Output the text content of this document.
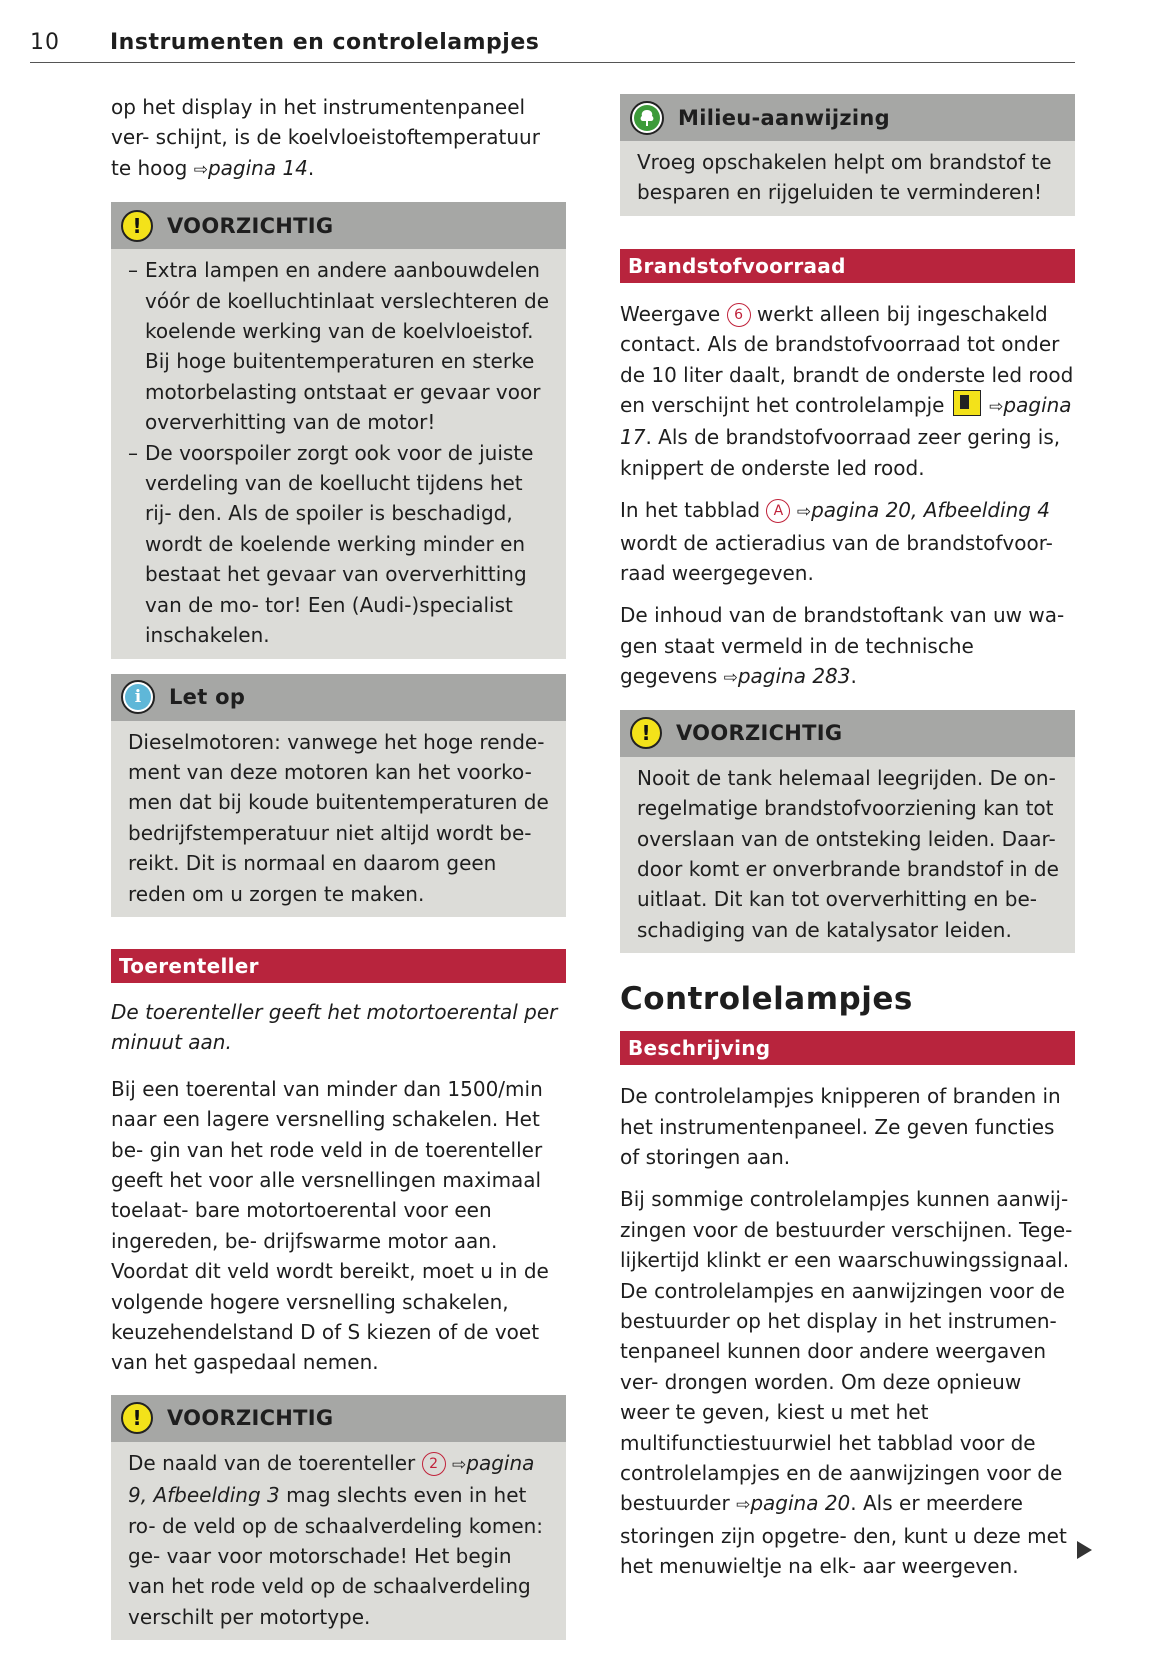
10 Instrumenten en controlelampjes

op het display in het instrumentenpaneel ver- schijnt, is de koelvloeistoftemperatuur te hoog ⇨pagina 14.

!	VOORZICHTIG

– Extra lampen en andere aanbouwdelen vóór de koelluchtinlaat verslechteren de koelende werking van de koelvloeistof. Bij hoge buitentemperaturen en sterke motorbelasting ontstaat er gevaar voor oververhitting van de motor!

– De voorspoiler zorgt ook voor de juiste verdeling van de koellucht tijdens het rij- den. Als de spoiler is beschadigd, wordt de koelende werking minder en bestaat het gevaar van oververhitting van de mo- tor! Een (Audi-)specialist inschakelen.

i	Let op

Dieselmotoren: vanwege het hoge rende- ment van deze motoren kan het voorko- men dat bij koude buitentemperaturen de bedrijfstemperatuur niet altijd wordt be- reikt. Dit is normaal en daarom geen reden om u zorgen te maken.

Toerenteller

De toerenteller geeft het motortoerental per minuut aan.

Bij een toerental van minder dan 1500/min naar een lagere versnelling schakelen. Het be- gin van het rode veld in de toerenteller geeft het voor alle versnellingen maximaal toelaat- bare motortoerental voor een ingereden, be- drijfswarme motor aan. Voordat dit veld wordt bereikt, moet u in de volgende hogere versnelling schakelen, keuzehendelstand D of S kiezen of de voet van het gaspedaal nemen.

!	VOORZICHTIG

De naald van de toerenteller 2 ⇨pagina 9, Afbeelding 3 mag slechts even in het ro- de veld op de schaalverdeling komen: ge- vaar voor motorschade! Het begin van het rode veld op de schaalverdeling verschilt per motortype.

Milieu-aanwijzing

Vroeg opschakelen helpt om brandstof te besparen en rijgeluiden te verminderen!

Brandstofvoorraad

Weergave 6 werkt alleen bij ingeschakeld contact. Als de brandstofvoorraad tot onder de 10 liter daalt, brandt de onderste led rood en verschijnt het controlelampje  ⇨pagina 17. Als de brandstofvoorraad zeer gering is, knippert de onderste led rood.

In het tabblad A ⇨pagina 20, Afbeelding 4 wordt de actieradius van de brandstofvoor- raad weergegeven.

De inhoud van de brandstoftank van uw wa- gen staat vermeld in de technische gegevens ⇨pagina 283.

!	VOORZICHTIG

Nooit de tank helemaal leegrijden. De on- regelmatige brandstofvoorziening kan tot overslaan van de ontsteking leiden. Daar- door komt er onverbrande brandstof in de uitlaat. Dit kan tot oververhitting en be- schadiging van de katalysator leiden.

Controlelampjes
Beschrijving

De controlelampjes knipperen of branden in het instrumentenpaneel. Ze geven functies of storingen aan.

Bij sommige controlelampjes kunnen aanwij- zingen voor de bestuurder verschijnen. Tege- lijkertijd klinkt er een waarschuwingssignaal. De controlelampjes en aanwijzingen voor de bestuurder op het display in het instrumen- tenpaneel kunnen door andere weergaven ver- drongen worden. Om deze opnieuw weer te geven, kiest u met het multifunctiestuurwiel het tabblad voor de controlelampjes en de aanwijzingen voor de bestuurder ⇨pagina 20. Als er meerdere storingen zijn opgetre- den, kunt u deze met het menuwieltje na elk- aar weergeven.
